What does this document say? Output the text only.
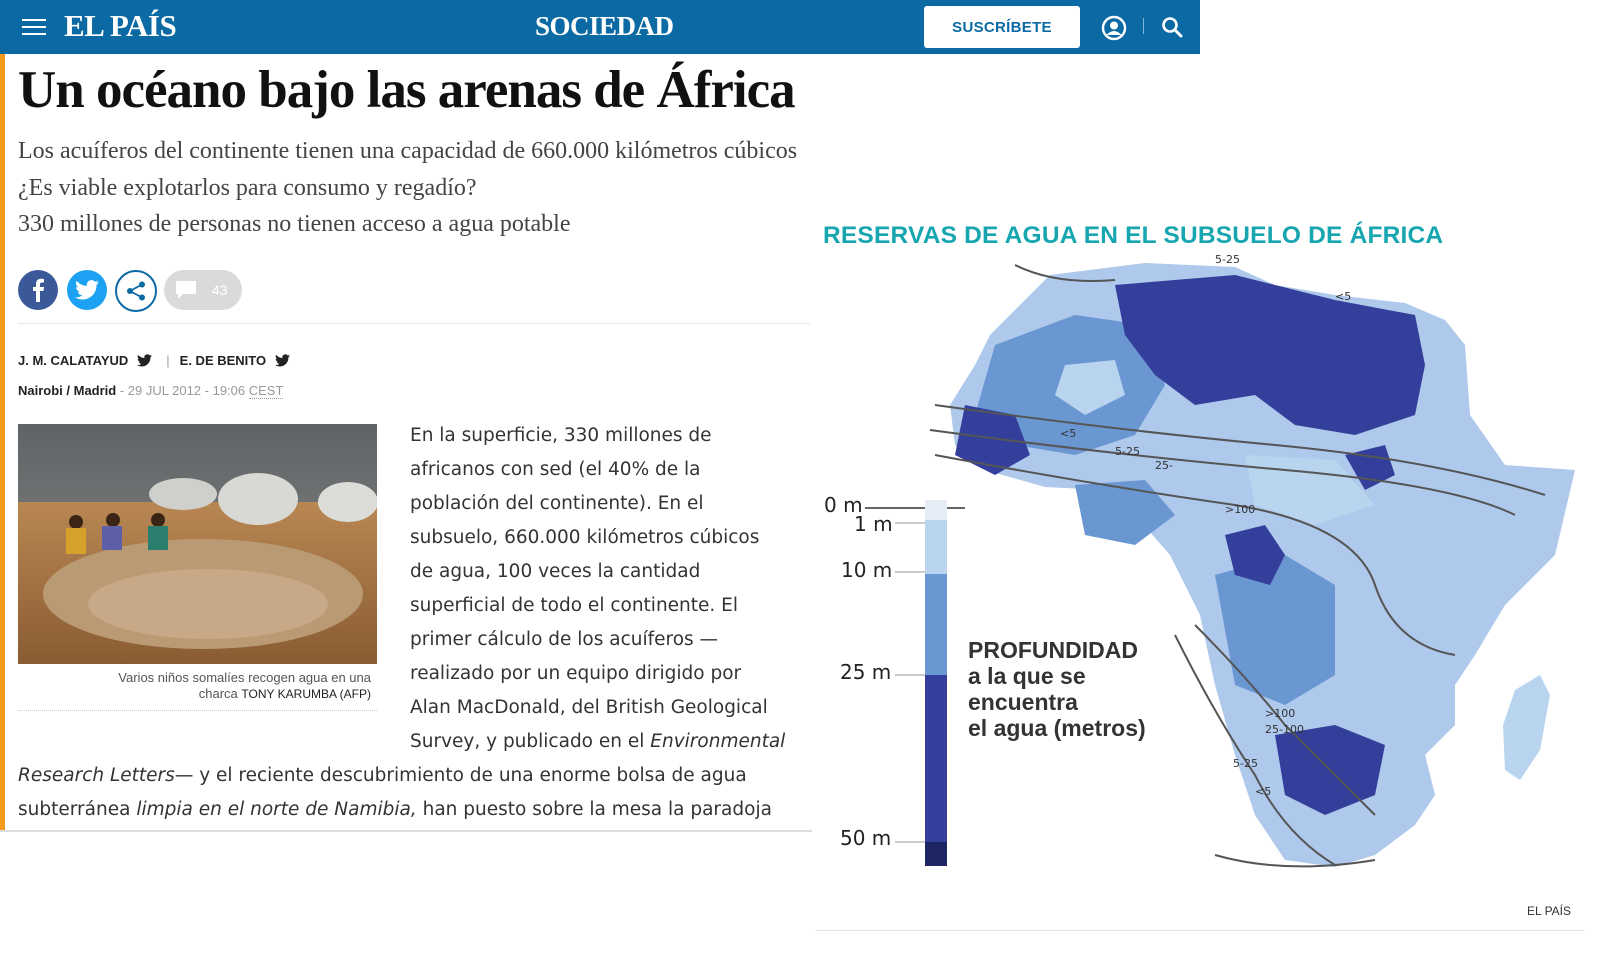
EL PAÍS	SOCIEDAD	SUSCRÍBETE
Un océano bajo las arenas de África
Los acuíferos del continente tienen una capacidad de 660.000 kilómetros cúbicos
¿Es viable explotarlos para consumo y regadío?
330 millones de personas no tienen acceso a agua potable
43
J. M. CALATAYUD	| E. DE BENITO
Nairobi / Madrid - 29 JUL 2012 - 19:06 CEST
Varios niños somalíes recogen agua en una
charca TONY KARUMBA (AFP)
En la superficie, 330 millones de
africanos con sed (el 40% de la
población del continente). En el
subsuelo, 660.000 kilómetros cúbicos
de agua, 100 veces la cantidad
superficial de todo el continente. El
primer cálculo de los acuíferos —
realizado por un equipo dirigido por
Alan MacDonald, del British Geological
Survey, y publicado en el Environmental
Research Letters— y el reciente descubrimiento de una enorme bolsa de agua
subterránea limpia en el norte de Namibia, han puesto sobre la mesa la paradoja
RESERVAS DE AGUA EN EL SUBSUELO DE ÁFRICA
5-25
<5
<5
5-25
25-
>100
>100
25-100
5-25
<5
0 m
1 m
10 m
25 m
50 m
PROFUNDIDAD
a la que se
encuentra
el agua (metros)
EL PAÍS
